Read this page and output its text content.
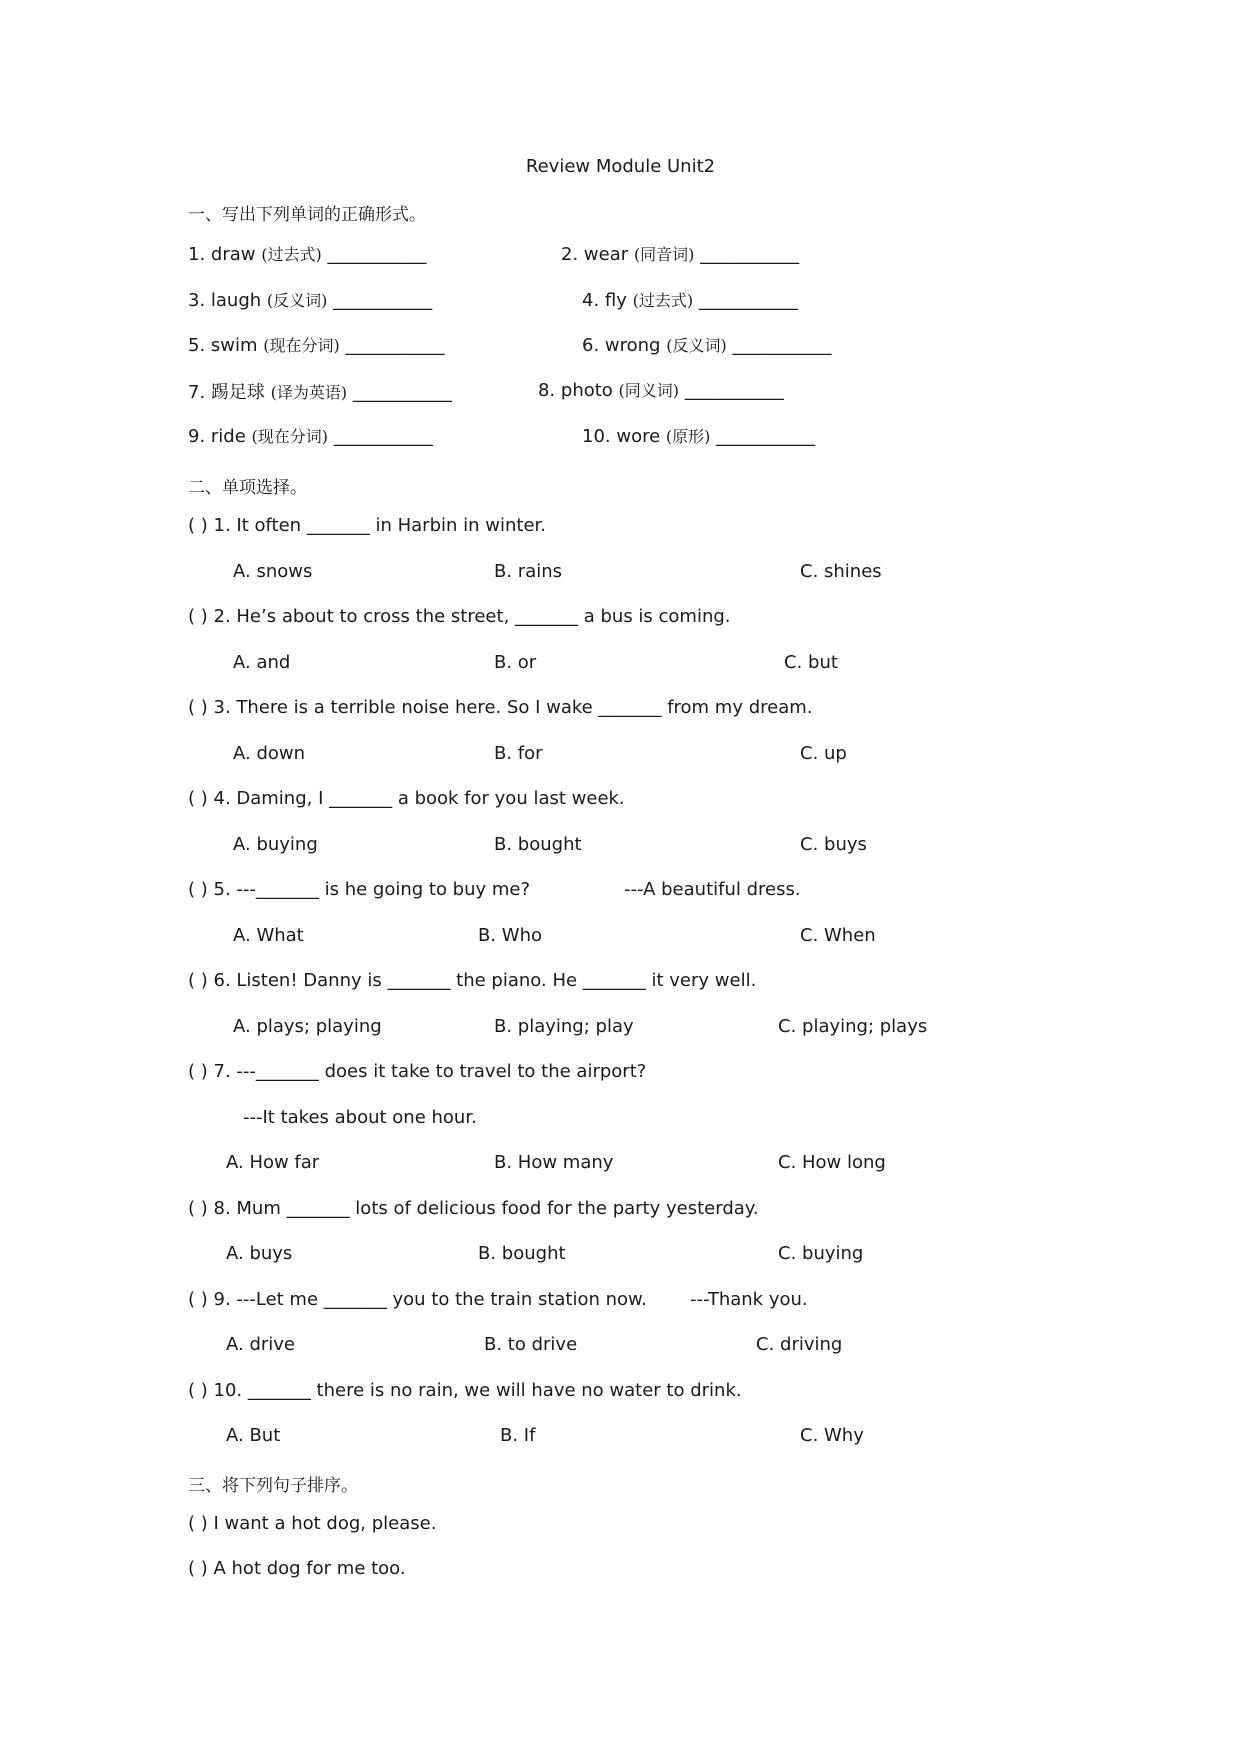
Review Module Unit2
一、写出下列单词的正确形式。
1. draw (过去式) ___________	2. wear (同音词) ___________
3. laugh (反义词) ___________	4. fly (过去式) ___________
5. swim (现在分词) ___________	6. wrong (反义词) ___________
7. 踢足球 (译为英语) ___________	8. photo (同义词) ___________
9. ride (现在分词) ___________	10. wore (原形) ___________
二、单项选择。
( ) 1. It often _______ in Harbin in winter.
A. snows	B. rains	C. shines
( ) 2. He’s about to cross the street, _______ a bus is coming.
A. and	B. or	C. but
( ) 3. There is a terrible noise here. So I wake _______ from my dream.
A. down	B. for	C. up
( ) 4. Daming, I _______ a book for you last week.
A. buying	B. bought	C. buys
( ) 5. ---_______ is he going to buy me?	---A beautiful dress.
A. What	B. Who	C. When
( ) 6. Listen! Danny is _______ the piano. He _______ it very well.
A. plays; playing	B. playing; play	C. playing; plays
( ) 7. ---_______ does it take to travel to the airport?
---It takes about one hour.
A. How far	B. How many	C. How long
( ) 8. Mum _______ lots of delicious food for the party yesterday.
A. buys	B. bought	C. buying
( ) 9. ---Let me _______ you to the train station now. ---Thank you.
A. drive	B. to drive	C. driving
( ) 10. _______ there is no rain, we will have no water to drink.
A. But	B. If	C. Why
三、将下列句子排序。
( ) I want a hot dog, please.
( ) A hot dog for me too.
